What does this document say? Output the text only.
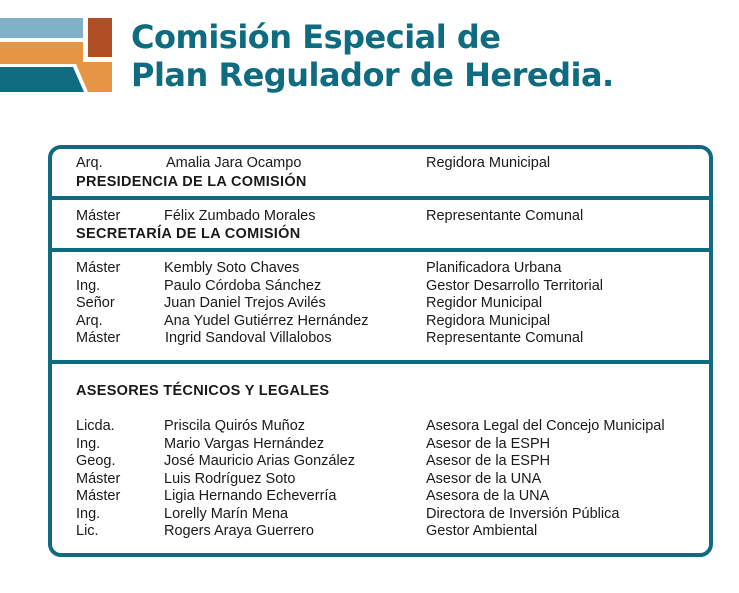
Comisión Especial de
Plan Regulador de Heredia.
Arq.	Amalia Jara Ocampo	Regidora Municipal
PRESIDENCIA DE LA COMISIÓN
Máster	Félix Zumbado Morales	Representante Comunal
SECRETARÍA DE LA COMISIÓN
Máster	Kembly Soto Chaves	Planificadora Urbana
Ing.	Paulo Córdoba Sánchez	Gestor Desarrollo Territorial
Señor	Juan Daniel Trejos Avilés	Regidor Municipal
Arq.	Ana Yudel Gutiérrez Hernández	Regidora Municipal
Máster	Ingrid Sandoval Villalobos	Representante Comunal
ASESORES TÉCNICOS Y LEGALES
Licda.	Priscila Quirós Muñoz	Asesora Legal del Concejo Municipal
Ing.	Mario Vargas Hernández	Asesor de la ESPH
Geog.	José Mauricio Arias González	Asesor de la ESPH
Máster	Luis Rodríguez Soto	Asesor de la UNA
Máster	Ligia Hernando Echeverría	Asesora de la UNA
Ing.	Lorelly Marín Mena	Directora de Inversión Pública
Lic.	Rogers Araya Guerrero	Gestor Ambiental
